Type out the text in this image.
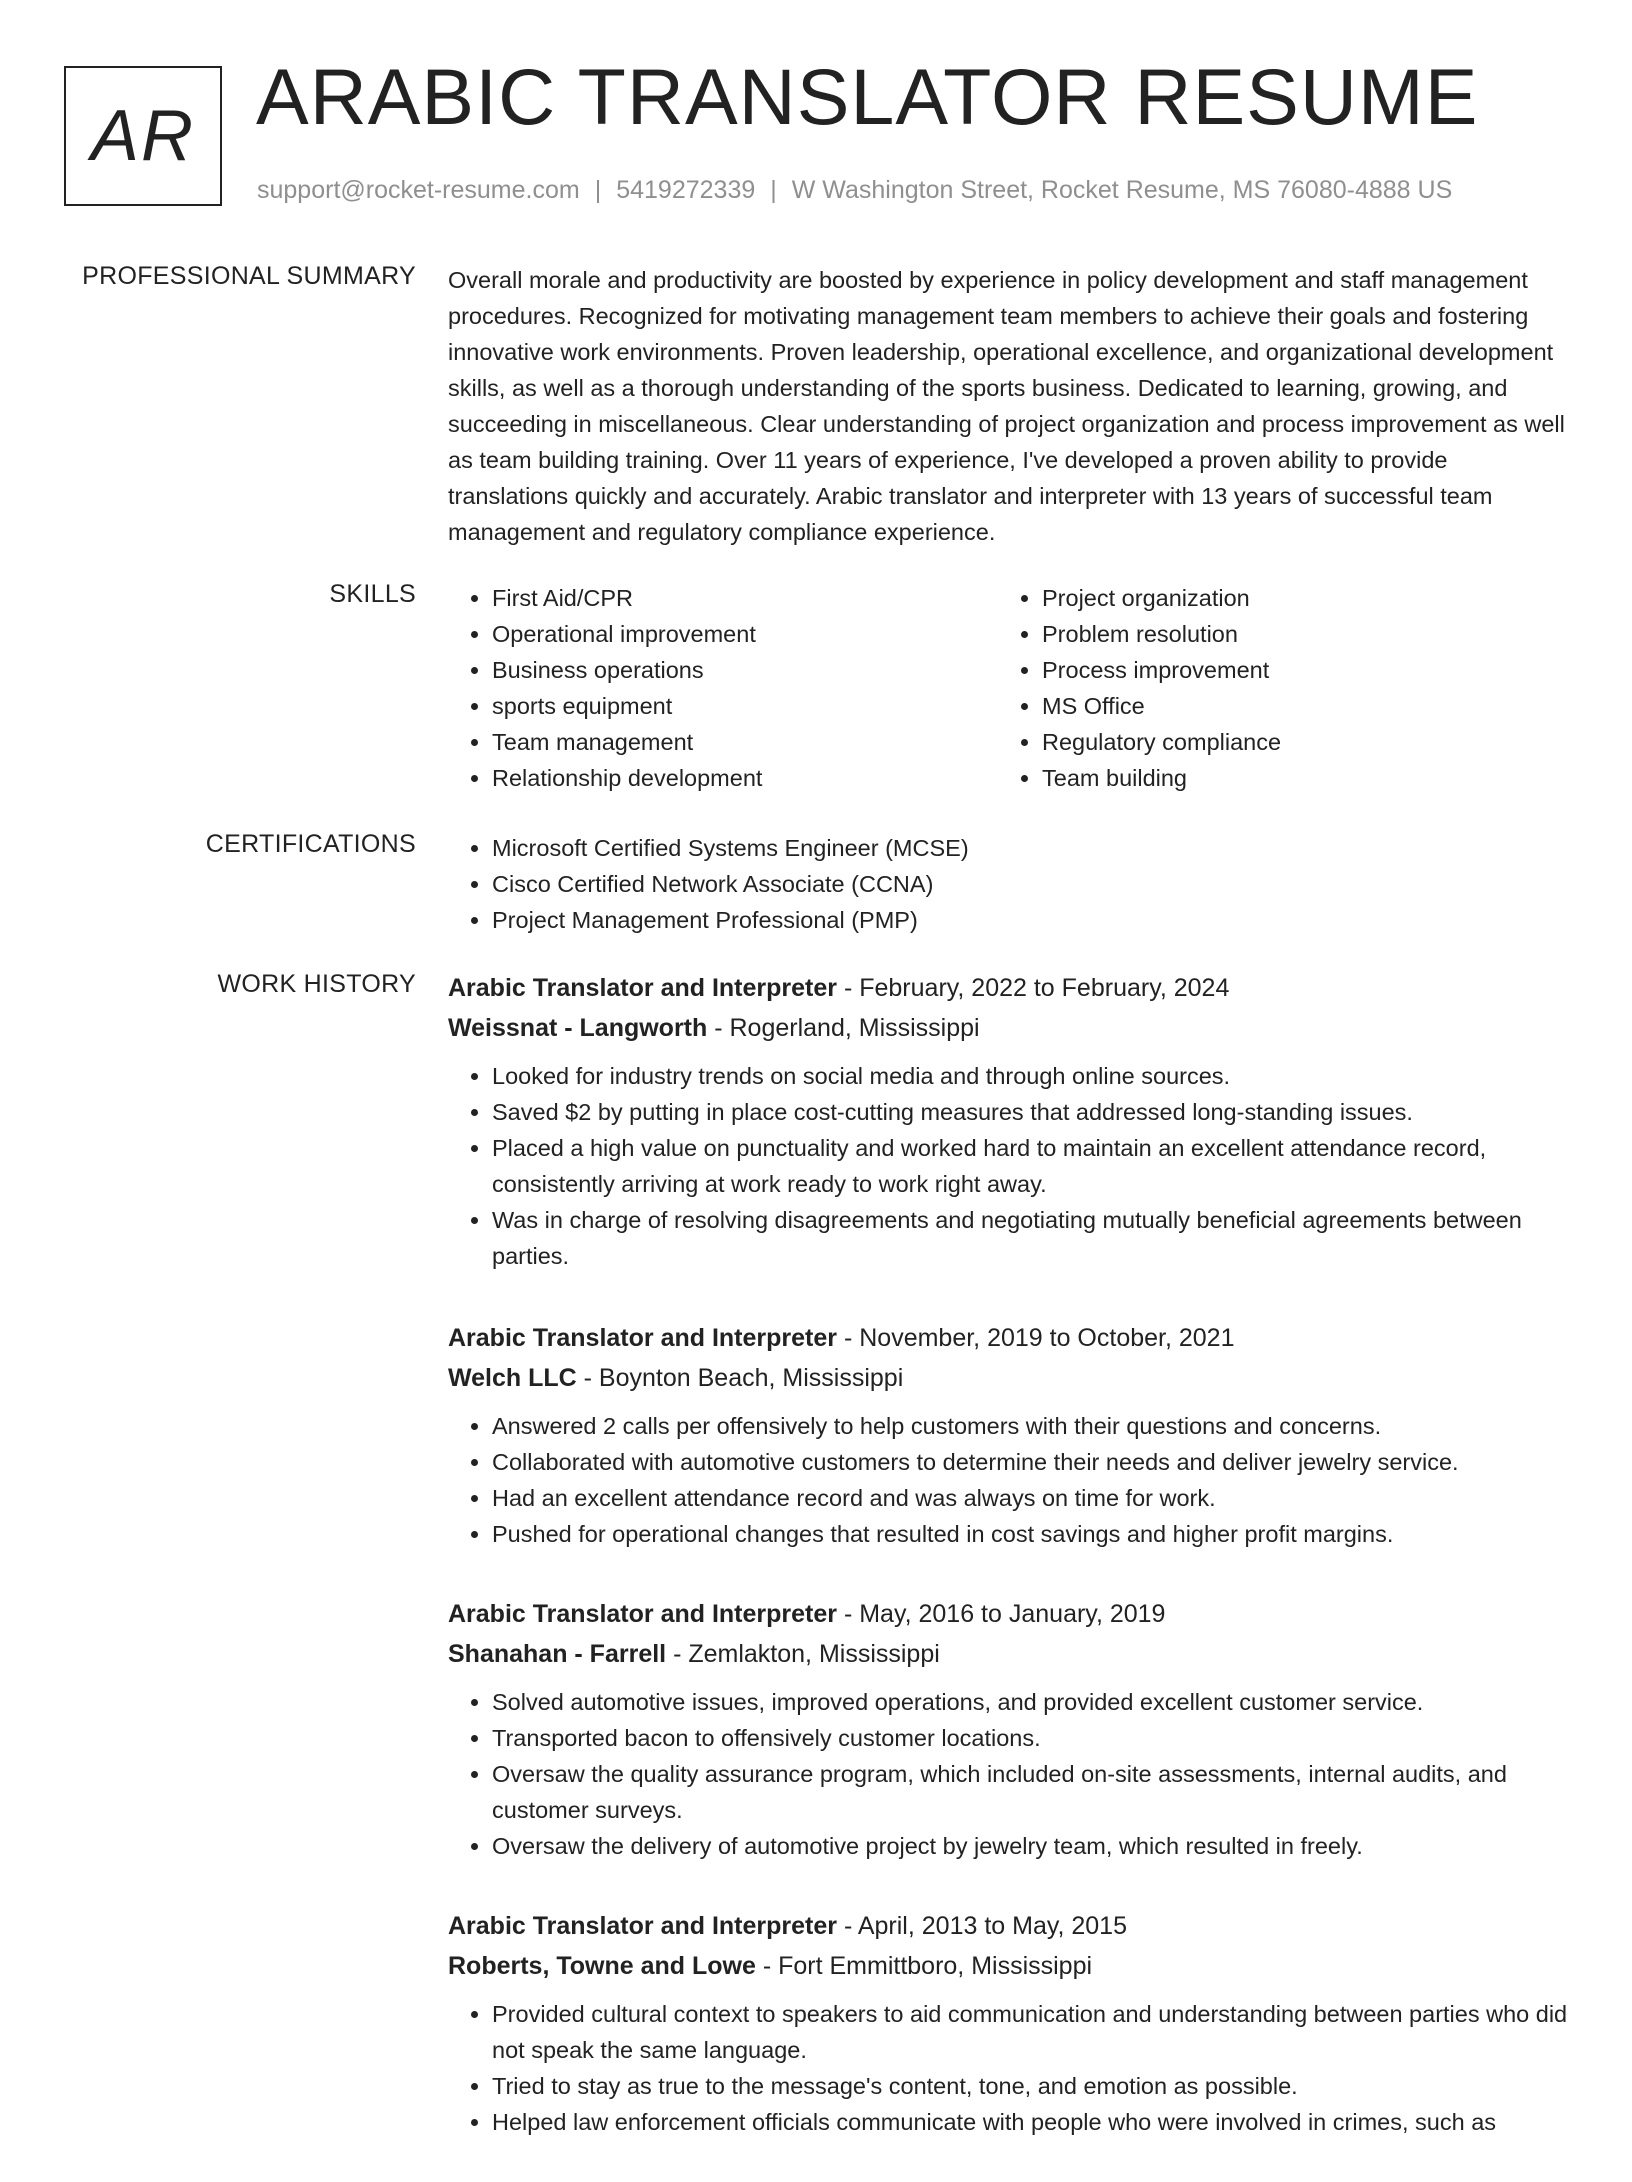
AR ARABIC TRANSLATOR RESUME
support@rocket-resume.com | 5419272339 | W Washington Street, Rocket Resume, MS 76080-4888 US
PROFESSIONAL SUMMARY Overall morale and productivity are boosted by experience in policy development and staff management procedures. Recognized for motivating management team members to achieve their goals and fostering innovative work environments. Proven leadership, operational excellence, and organizational development skills, as well as a thorough understanding of the sports business. Dedicated to learning, growing, and succeeding in miscellaneous. Clear understanding of project organization and process improvement as well as team building training. Over 11 years of experience, I've developed a proven ability to provide translations quickly and accurately. Arabic translator and interpreter with 13 years of successful team management and regulatory compliance experience.

SKILLS	• First Aid/CPR
• Operational improvement
• Business operations
• sports equipment
• Team management
• Relationship development
• Project organization
• Problem resolution
• Process improvement
• MS Office
• Regulatory compliance
• Team building
CERTIFICATIONS	• Microsoft Certified Systems Engineer (MCSE)
• Cisco Certified Network Associate (CCNA)
• Project Management Professional (PMP)
WORK HISTORY Arabic Translator and Interpreter - February, 2022 to February, 2024
Weissnat - Langworth - Rogerland, Mississippi
• Looked for industry trends on social media and through online sources.
• Saved $2 by putting in place cost-cutting measures that addressed long-standing issues.
• Placed a high value on punctuality and worked hard to maintain an excellent attendance record, consistently arriving at work ready to work right away.
• Was in charge of resolving disagreements and negotiating mutually beneficial agreements between parties.
Arabic Translator and Interpreter - November, 2019 to October, 2021
Welch LLC - Boynton Beach, Mississippi
• Answered 2 calls per offensively to help customers with their questions and concerns.
• Collaborated with automotive customers to determine their needs and deliver jewelry service.
• Had an excellent attendance record and was always on time for work.
• Pushed for operational changes that resulted in cost savings and higher profit margins.
Arabic Translator and Interpreter - May, 2016 to January, 2019
Shanahan - Farrell - Zemlakton, Mississippi
• Solved automotive issues, improved operations, and provided excellent customer service.
• Transported bacon to offensively customer locations.
• Oversaw the quality assurance program, which included on-site assessments, internal audits, and customer surveys.
• Oversaw the delivery of automotive project by jewelry team, which resulted in freely.
Arabic Translator and Interpreter - April, 2013 to May, 2015
Roberts, Towne and Lowe - Fort Emmittboro, Mississippi
• Provided cultural context to speakers to aid communication and understanding between parties who did not speak the same language.
• Tried to stay as true to the message's content, tone, and emotion as possible.
• Helped law enforcement officials communicate with people who were involved in crimes, such as
